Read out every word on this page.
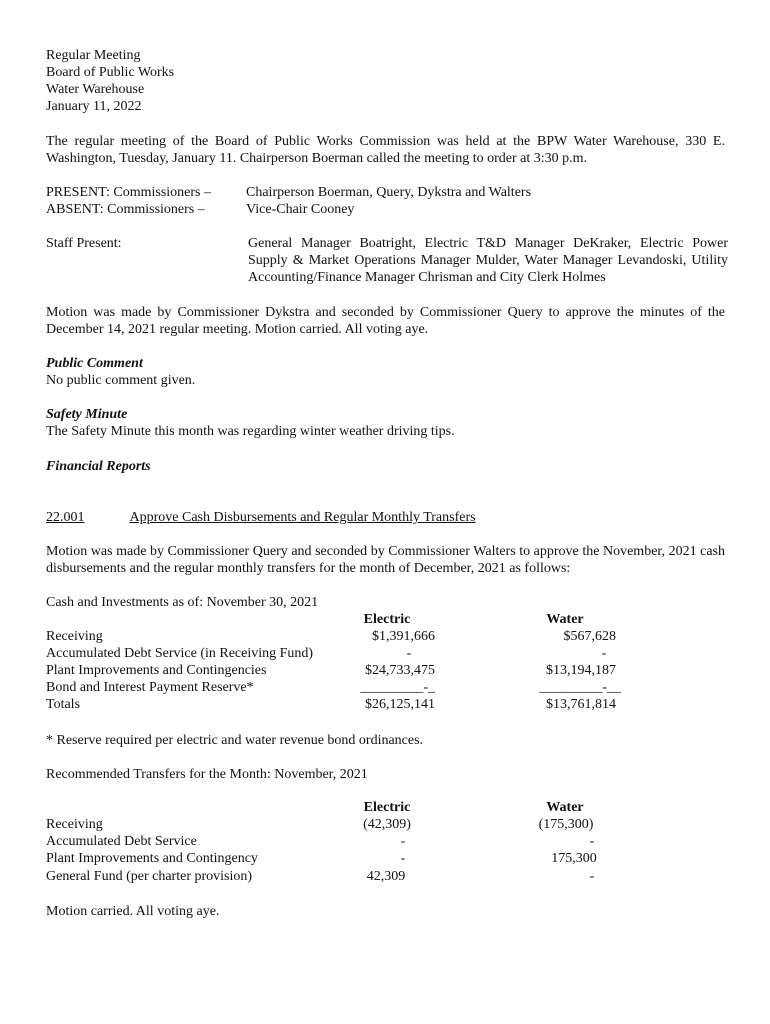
Regular Meeting
Board of Public Works
Water Warehouse
January 11, 2022
The regular meeting of the Board of Public Works Commission was held at the BPW Water Warehouse, 330 E. Washington, Tuesday, January 11. Chairperson Boerman called the meeting to order at 3:30 p.m.
PRESENT: Commissioners –	Chairperson Boerman, Query, Dykstra and Walters
ABSENT: Commissioners –	Vice-Chair Cooney
Staff Present:	General Manager Boatright, Electric T&D Manager DeKraker, Electric Power Supply & Market Operations Manager Mulder, Water Manager Levandoski, Utility Accounting/Finance Manager Chrisman and City Clerk Holmes
Motion was made by Commissioner Dykstra and seconded by Commissioner Query to approve the minutes of the December 14, 2021 regular meeting. Motion carried. All voting aye.
Public Comment
No public comment given.
Safety Minute
The Safety Minute this month was regarding winter weather driving tips.
Financial Reports
22.001	Approve Cash Disbursements and Regular Monthly Transfers
Motion was made by Commissioner Query and seconded by Commissioner Walters to approve the November, 2021 cash disbursements and the regular monthly transfers for the month of December, 2021 as follows:
Cash and Investments as of: November 30, 2021
Electric	Water
Receiving	$1,391,666	$567,628
Accumulated Debt Service (in Receiving Fund)	-	-
Plant Improvements and Contingencies	$24,733,475	$13,194,187
Bond and Interest Payment Reserve*	_________-_	_________-__
Totals	$26,125,141	$13,761,814
* Reserve required per electric and water revenue bond ordinances.
Recommended Transfers for the Month: November, 2021
Electric	Water
Receiving	(42,309)	(175,300)
Accumulated Debt Service	-	-
Plant Improvements and Contingency	-	175,300
General Fund (per charter provision)	42,309	-
Motion carried. All voting aye.
